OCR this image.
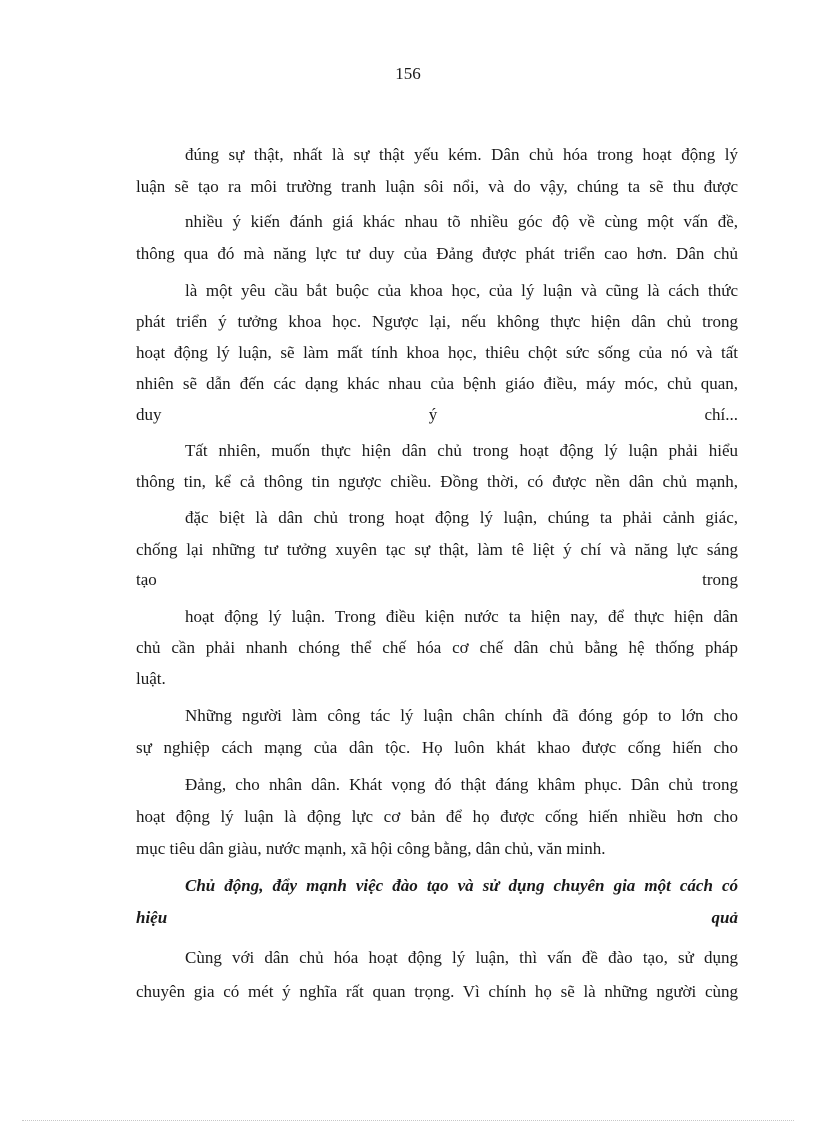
156
đúng sự thật, nhất là sự thật yếu kém. Dân chủ hóa trong hoạt động lý
luận sẽ tạo ra môi trường tranh luận sôi nổi, và do vậy, chúng ta sẽ thu được
nhiều ý kiến đánh giá khác nhau tõ nhiều góc độ về cùng một vấn đề,
thông qua đó mà năng lực tư duy của Đảng được phát triển cao hơn. Dân chủ
là một yêu cầu bắt buộc của khoa học, của lý luận và cũng là cách thức
phát triển ý tưởng khoa học. Ngược lại, nếu không thực hiện dân chủ trong
hoạt động lý luận, sẽ làm mất tính khoa học, thiêu chột sức sống của nó và tất
nhiên sẽ dẫn đến các dạng khác nhau của bệnh giáo điều, máy móc, chủ quan,
duy ý chí...
Tất nhiên, muốn thực hiện dân chủ trong hoạt động lý luận phải hiểu
thông tin, kể cả thông tin ngược chiều. Đồng thời, có được nền dân chủ mạnh,
đặc biệt là dân chủ trong hoạt động lý luận, chúng ta phải cảnh giác,
chống lại những tư tưởng xuyên tạc sự thật, làm tê liệt ý chí và năng lực sáng
tạo trong
hoạt động lý luận. Trong điều kiện nước ta hiện nay, để thực hiện dân
chủ cần phải nhanh chóng thể chế hóa cơ chế dân chủ bằng hệ thống pháp
luật.
Những người làm công tác lý luận chân chính đã đóng góp to lớn cho
sự nghiệp cách mạng của dân tộc. Họ luôn khát khao được cống hiến cho
Đảng, cho nhân dân. Khát vọng đó thật đáng khâm phục. Dân chủ trong
hoạt động lý luận là động lực cơ bản để họ được cống hiến nhiều hơn cho
mục tiêu dân giàu, nước mạnh, xã hội công bằng, dân chủ, văn minh.
Chủ động, đẩy mạnh việc đào tạo và sử dụng chuyên gia một cách có
hiệu quả
Cùng với dân chủ hóa hoạt động lý luận, thì vấn đề đào tạo, sử dụng
chuyên gia có mét ý nghĩa rất quan trọng. Vì chính họ sẽ là những người cùng
